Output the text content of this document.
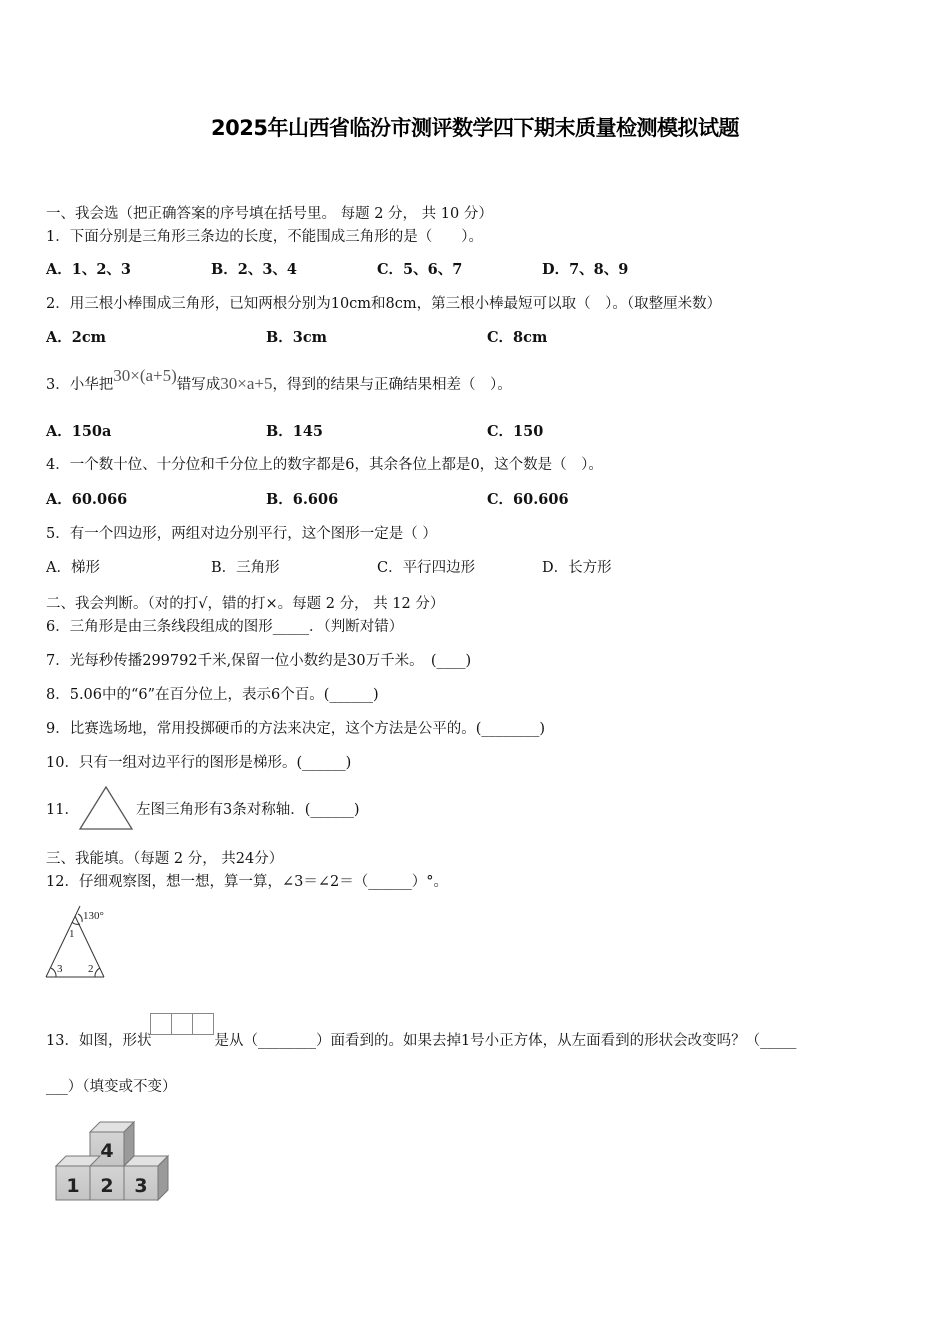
2025年山西省临汾市测评数学四下期末质量检测模拟试题
一、我会选（把正确答案的序号填在括号里。 每题 2 分， 共 10 分）
1．下面分别是三角形三条边的长度，不能围成三角形的是（　　）。
A．1、2、3	B．2、3、4	C．5、6、7	D．7、8、9
2．用三根小棒围成三角形，已知两根分别为10cm和8cm，第三根小棒最短可以取（　）。（取整厘米数）
A．2cm	B．3cm	C．8cm
3．小华把30×(a+5)错写成30×a+5，得到的结果与正确结果相差（　）。
A．150a	B．145	C．150
4．一个数十位、十分位和千分位上的数字都是6，其余各位上都是0，这个数是（　）。
A．60.066	B．6.606	C．60.606
5．有一个四边形，两组对边分别平行，这个图形一定是（ ）
A．梯形	B．三角形	C．平行四边形	D．长方形
二、我会判断。（对的打√，错的打×。每题 2 分， 共 12 分）
6．三角形是由三条线段组成的图形_____．（判断对错）
7．光每秒传播299792千米,保留一位小数约是30万千米。　(____)
8．5.06中的“6”在百分位上，表示6个百。(______)
9．比赛选场地，常用投掷硬币的方法来决定，这个方法是公平的。(________)
10．只有一组对边平行的图形是梯形。(______)
11．	左图三角形有3条对称轴．(______)
三、我能填。（每题 2 分， 共24分）
12．仔细观察图，想一想，算一算，∠3＝∠2＝（______）°。
130°
1
3 2
13．如图，形状	是从（________）面看到的。如果去掉1号小正方体，从左面看到的形状会改变吗？（_____
___）（填变或不变）
4
1 2 3
